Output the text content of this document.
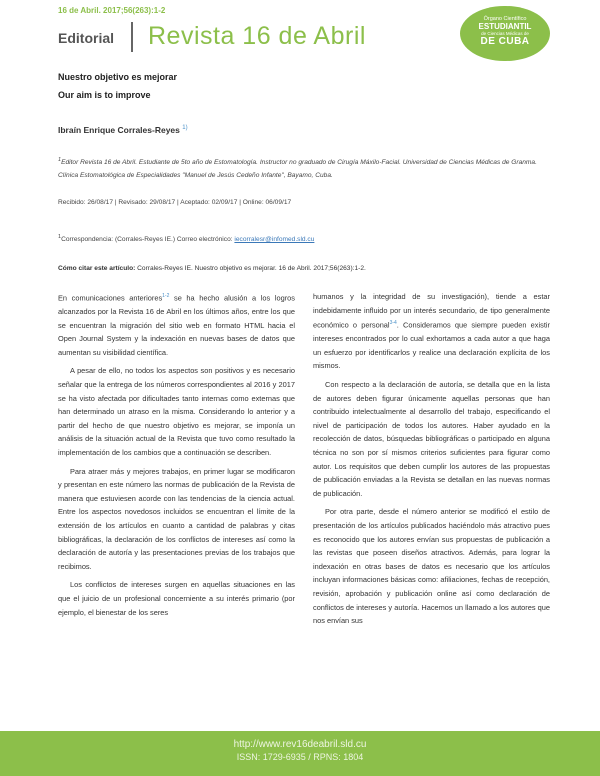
16 de Abril. 2017;56(263):1-2
Editorial Revista 16 de Abril
Órgano Científico
ESTUDIANTIL
de Ciencias Médicas de
DE CUBA
Nuestro objetivo es mejorar
Our aim is to improve
Ibraín Enrique Corrales-Reyes $^{1)}$
$^1$Editor Revista 16 de Abril. Estudiante de 5to año de Estomatología. Instructor no graduado de Cirugía Máxilo-Facial. Universidad de Ciencias Médicas de Granma. Clínica Estomatológica de Especialidades "Manuel de Jesús Cedeño Infante", Bayamo, Cuba.
Recibido: 26/08/17 | Revisado: 29/08/17 | Aceptado: 02/09/17 | Online: 06/09/17
$^1$Correspondencia: (Corrales-Reyes IE.) Correo electrónico: iecorralesr@infomed.sld.cu
Cómo citar este artículo: Corrales-Reyes IE. Nuestro objetivo es mejorar. 16 de Abril. 2017;56(263):1-2.

En comunicaciones anteriores$^{1-2}$ se ha hecho alusión a los logros alcanzados por la Revista 16 de Abril en los últimos años, entre los que se encuentran la migración del sitio web en formato HTML hacia el Open Journal System y la indexación en nuevas bases de datos que aumentan su visibilidad científica.

A pesar de ello, no todos los aspectos son positivos y es necesario señalar que la entrega de los números correspondientes al 2016 y 2017 se ha visto afectada por dificultades tanto internas como externas que han determinado un atraso en la misma. Considerando lo anterior y a partir del hecho de que nuestro objetivo es mejorar, se imponía un análisis de la situación actual de la Revista que tuvo como resultado la implementación de los cambios que a continuación se describen.

Para atraer más y mejores trabajos, en primer lugar se modificaron y presentan en este número las normas de publicación de la Revista de manera que estuviesen acorde con las tendencias de la ciencia actual. Entre los aspectos novedosos incluidos se encuentran el límite de la extensión de los artículos en cuanto a cantidad de palabras y citas bibliográficas, la declaración de los conflictos de intereses así como la declaración de autoría y las presentaciones previas de los trabajos que recibimos.

Los conflictos de intereses surgen en aquellas situaciones en las que el juicio de un profesional concerniente a su interés primario (por ejemplo, el bienestar de los seres

humanos y la integridad de su investigación), tiende a estar indebidamente influido por un interés secundario, de tipo generalmente económico o personal$^{3-4}$. Consideramos que siempre pueden existir intereses encontrados por lo cual exhortamos a cada autor a que haga un esfuerzo por identificarlos y realice una declaración explícita de los mismos.

Con respecto a la declaración de autoría, se detalla que en la lista de autores deben figurar únicamente aquellas personas que han contribuido intelectualmente al desarrollo del trabajo, especificando el nivel de participación de todos los autores. Haber ayudado en la recolección de datos, búsquedas bibliográficas o participado en alguna técnica no son por sí mismos criterios suficientes para figurar como autor. Los requisitos que deben cumplir los autores de las propuestas de publicación enviadas a la Revista se detallan en las nuevas normas de publicación.

Por otra parte, desde el número anterior se modificó el estilo de presentación de los artículos publicados haciéndolo más atractivo pues es reconocido que los autores envían sus propuestas de publicación a las revistas que poseen diseños atractivos. Además, para lograr la indexación en otras bases de datos es necesario que los artículos incluyan informaciones básicas como: afiliaciones, fechas de recepción, revisión, aprobación y publicación online así como declaración de conflictos de intereses y autoría. Hacemos un llamado a los autores que nos envían sus

http://www.rev16deabril.sld.cu
ISSN: 1729-6935 / RPNS: 1804
